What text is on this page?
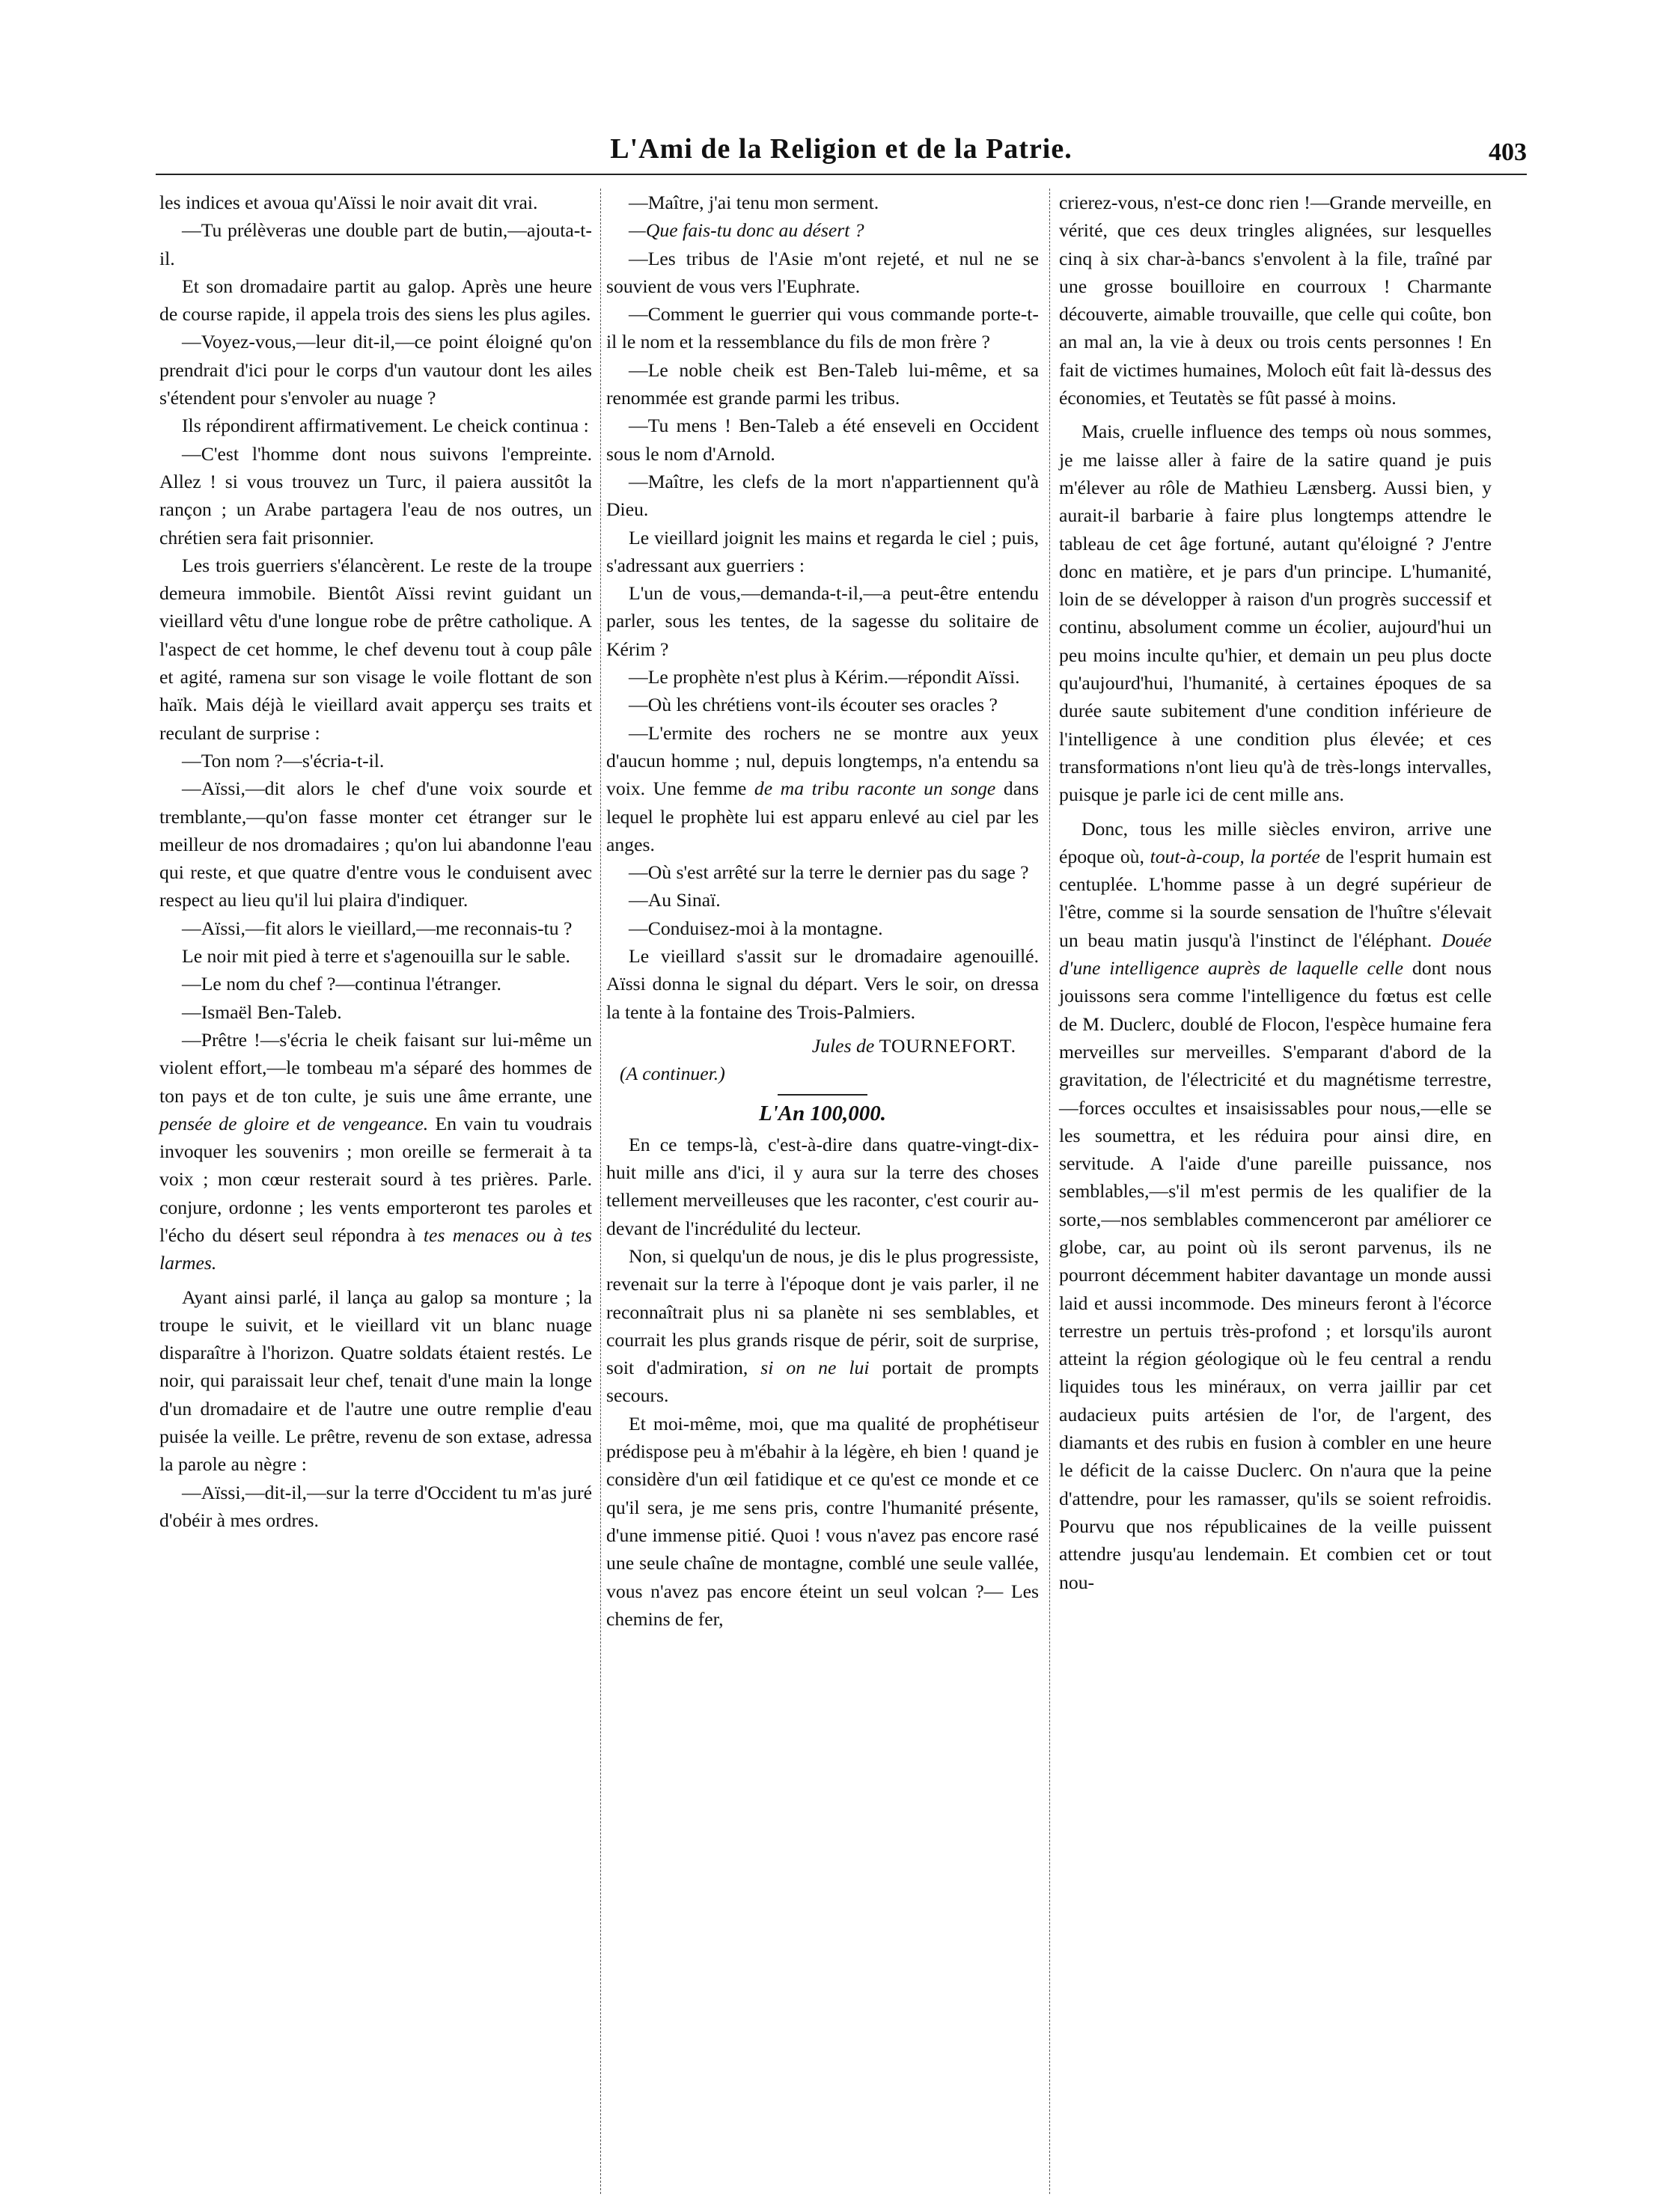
L'Ami de la Religion et de la Patrie.	403

les indices et avoua qu'Aïssi le noir avait dit vrai.

—Tu prélèveras une double part de butin,—ajouta-t-il.

Et son dromadaire partit au galop. Après une heure de course rapide, il appela trois des siens les plus agiles.

—Voyez-vous,—leur dit-il,—ce point éloigné qu'on prendrait d'ici pour le corps d'un vautour dont les ailes s'étendent pour s'envoler au nuage ?

Ils répondirent affirmativement. Le cheick continua :

—C'est l'homme dont nous suivons l'empreinte. Allez ! si vous trouvez un Turc, il paiera aussitôt la rançon ; un Arabe partagera l'eau de nos outres, un chrétien sera fait prisonnier.

Les trois guerriers s'élancèrent. Le reste de la troupe demeura immobile. Bientôt Aïssi revint guidant un vieillard vêtu d'une longue robe de prêtre catholique. A l'aspect de cet homme, le chef devenu tout à coup pâle et agité, ramena sur son visage le voile flottant de son haïk. Mais déjà le vieillard avait apperçu ses traits et reculant de surprise :

—Ton nom ?—s'écria-t-il.

—Aïssi,—dit alors le chef d'une voix sourde et tremblante,—qu'on fasse monter cet étranger sur le meilleur de nos dromadaires ; qu'on lui abandonne l'eau qui reste, et que quatre d'entre vous le conduisent avec respect au lieu qu'il lui plaira d'indiquer.

—Aïssi,—fit alors le vieillard,—me reconnais-tu ?

Le noir mit pied à terre et s'agenouilla sur le sable.

—Le nom du chef ?—continua l'étranger.

—Ismaël Ben-Taleb.

—Prêtre !—s'écria le cheik faisant sur lui-même un violent effort,—le tombeau m'a séparé des hommes de ton pays et de ton culte, je suis une âme errante, une pensée de gloire et de vengeance. En vain tu voudrais invoquer les souvenirs ; mon oreille se fermerait à ta voix ; mon cœur resterait sourd à tes prières. Parle. conjure, ordonne ; les vents emporteront tes paroles et l'écho du désert seul répondra à tes menaces ou à tes larmes.

Ayant ainsi parlé, il lança au galop sa monture ; la troupe le suivit, et le vieillard vit un blanc nuage disparaître à l'horizon. Quatre soldats étaient restés. Le noir, qui paraissait leur chef, tenait d'une main la longe d'un dromadaire et de l'autre une outre remplie d'eau puisée la veille. Le prêtre, revenu de son extase, adressa la parole au nègre :

—Aïssi,—dit-il,—sur la terre d'Occident tu m'as juré d'obéir à mes ordres.

—Maître, j'ai tenu mon serment.

—Que fais-tu donc au désert ?

—Les tribus de l'Asie m'ont rejeté, et nul ne se souvient de vous vers l'Euphrate.

—Comment le guerrier qui vous commande porte-t-il le nom et la ressemblance du fils de mon frère ?

—Le noble cheik est Ben-Taleb lui-même, et sa renommée est grande parmi les tribus.

—Tu mens ! Ben-Taleb a été enseveli en Occident sous le nom d'Arnold.

—Maître, les clefs de la mort n'appartiennent qu'à Dieu.

Le vieillard joignit les mains et regarda le ciel ; puis, s'adressant aux guerriers :

L'un de vous,—demanda-t-il,—a peut-être entendu parler, sous les tentes, de la sagesse du solitaire de Kérim ?

—Le prophète n'est plus à Kérim.—répondit Aïssi.

—Où les chrétiens vont-ils écouter ses oracles ?

—L'ermite des rochers ne se montre aux yeux d'aucun homme ; nul, depuis longtemps, n'a entendu sa voix. Une femme de ma tribu raconte un songe dans lequel le prophète lui est apparu enlevé au ciel par les anges.

—Où s'est arrêté sur la terre le dernier pas du sage ?

—Au Sinaï.

—Conduisez-moi à la montagne.

Le vieillard s'assit sur le dromadaire agenouillé. Aïssi donna le signal du départ. Vers le soir, on dressa la tente à la fontaine des Trois-Palmiers.

Jules de TOURNEFORT.

(A continuer.)

L'An 100,000.

En ce temps-là, c'est-à-dire dans quatre-vingt-dix-huit mille ans d'ici, il y aura sur la terre des choses tellement merveilleuses que les raconter, c'est courir au-devant de l'incrédulité du lecteur.

Non, si quelqu'un de nous, je dis le plus progressiste, revenait sur la terre à l'époque dont je vais parler, il ne reconnaîtrait plus ni sa planète ni ses semblables, et courrait les plus grands risque de périr, soit de surprise, soit d'admiration, si on ne lui portait de prompts secours.

Et moi-même, moi, que ma qualité de prophétiseur prédispose peu à m'ébahir à la légère, eh bien ! quand je considère d'un œil fatidique et ce qu'est ce monde et ce qu'il sera, je me sens pris, contre l'humanité présente, d'une immense pitié. Quoi ! vous n'avez pas encore rasé une seule chaîne de montagne, comblé une seule vallée, vous n'avez pas encore éteint un seul volcan ?— Les chemins de fer,

crierez-vous, n'est-ce donc rien !—Grande merveille, en vérité, que ces deux tringles alignées, sur lesquelles cinq à six char-à-bancs s'envolent à la file, traîné par une grosse bouilloire en courroux ! Charmante découverte, aimable trouvaille, que celle qui coûte, bon an mal an, la vie à deux ou trois cents personnes ! En fait de victimes humaines, Moloch eût fait là-dessus des économies, et Teutatès se fût passé à moins.

Mais, cruelle influence des temps où nous sommes, je me laisse aller à faire de la satire quand je puis m'élever au rôle de Mathieu Lænsberg. Aussi bien, y aurait-il barbarie à faire plus longtemps attendre le tableau de cet âge fortuné, autant qu'éloigné ? J'entre donc en matière, et je pars d'un principe. L'humanité, loin de se développer à raison d'un progrès successif et continu, absolument comme un écolier, aujourd'hui un peu moins inculte qu'hier, et demain un peu plus docte qu'aujourd'hui, l'humanité, à certaines époques de sa durée saute subitement d'une condition inférieure de l'intelligence à une condition plus élevée; et ces transformations n'ont lieu qu'à de très-longs intervalles, puisque je parle ici de cent mille ans.

Donc, tous les mille siècles environ, arrive une époque où, tout-à-coup, la portée de l'esprit humain est centuplée. L'homme passe à un degré supérieur de l'être, comme si la sourde sensation de l'huître s'élevait un beau matin jusqu'à l'instinct de l'éléphant. Douée d'une intelligence auprès de laquelle celle dont nous jouissons sera comme l'intelligence du fœtus est celle de M. Duclerc, doublé de Flocon, l'espèce humaine fera merveilles sur merveilles. S'emparant d'abord de la gravitation, de l'électricité et du magnétisme terrestre,—forces occultes et insaisissables pour nous,—elle se les soumettra, et les réduira pour ainsi dire, en servitude. A l'aide d'une pareille puissance, nos semblables,—s'il m'est permis de les qualifier de la sorte,—nos semblables commenceront par améliorer ce globe, car, au point où ils seront parvenus, ils ne pourront décemment habiter davantage un monde aussi laid et aussi incommode. Des mineurs feront à l'écorce terrestre un pertuis très-profond ; et lorsqu'ils auront atteint la région géologique où le feu central a rendu liquides tous les minéraux, on verra jaillir par cet audacieux puits artésien de l'or, de l'argent, des diamants et des rubis en fusion à combler en une heure le déficit de la caisse Duclerc. On n'aura que la peine d'attendre, pour les ramasser, qu'ils se soient refroidis. Pourvu que nos républicaines de la veille puissent attendre jusqu'au lendemain. Et combien cet or tout nou-
